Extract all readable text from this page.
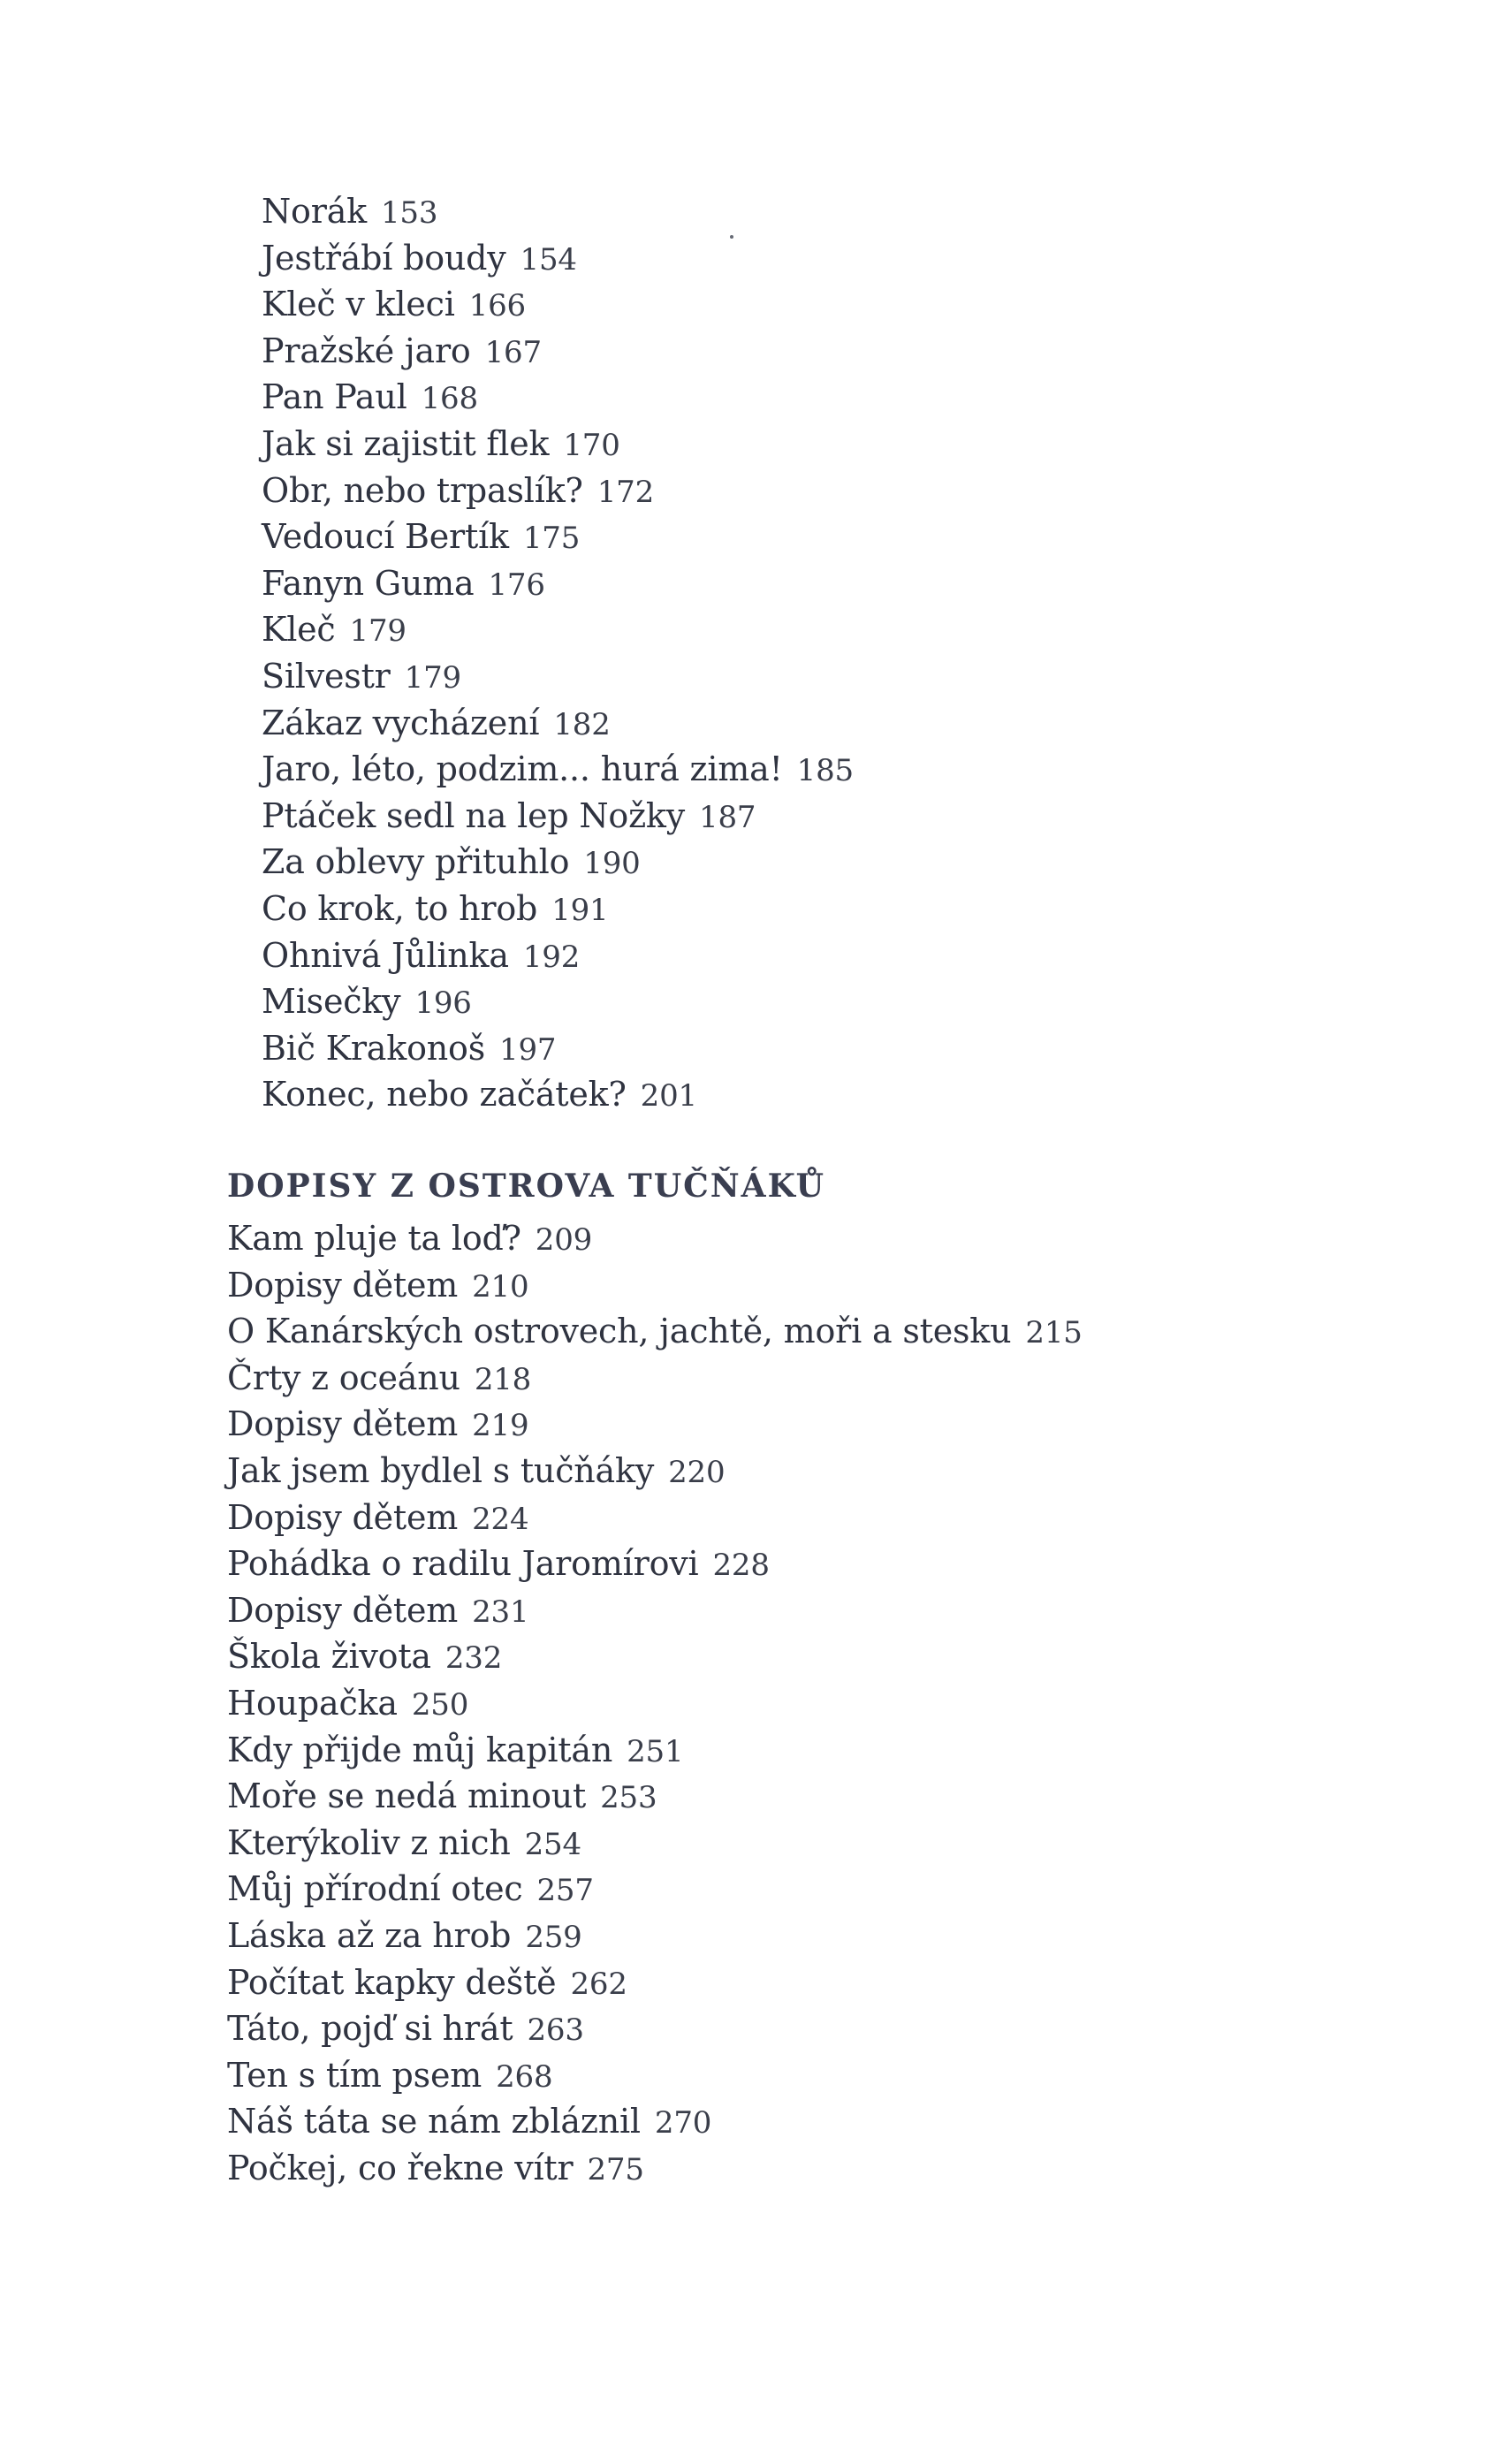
Norák 153
Jestřábí boudy 154
Kleč v kleci 166
Pražské jaro 167
Pan Paul 168
Jak si zajistit flek 170
Obr, nebo trpaslík? 172
Vedoucí Bertík 175
Fanyn Guma 176
Kleč 179
Silvestr 179
Zákaz vycházení 182
Jaro, léto, podzim... hurá zima! 185
Ptáček sedl na lep Nožky 187
Za oblevy přituhlo 190
Co krok, to hrob 191
Ohnivá Jůlinka 192
Misečky 196
Bič Krakonoš 197
Konec, nebo začátek? 201
DOPISY Z OSTROVA TUČŇÁKŮ
Kam pluje ta loď? 209
Dopisy dětem 210
O Kanárských ostrovech, jachtě, moři a stesku 215
Črty z oceánu 218
Dopisy dětem 219
Jak jsem bydlel s tučňáky 220
Dopisy dětem 224
Pohádka o radilu Jaromírovi 228
Dopisy dětem 231
Škola života 232
Houpačka 250
Kdy přijde můj kapitán 251
Moře se nedá minout 253
Kterýkoliv z nich 254
Můj přírodní otec 257
Láska až za hrob 259
Počítat kapky deště 262
Táto, pojď si hrát 263
Ten s tím psem 268
Náš táta se nám zbláznil 270
Počkej, co řekne vítr 275
